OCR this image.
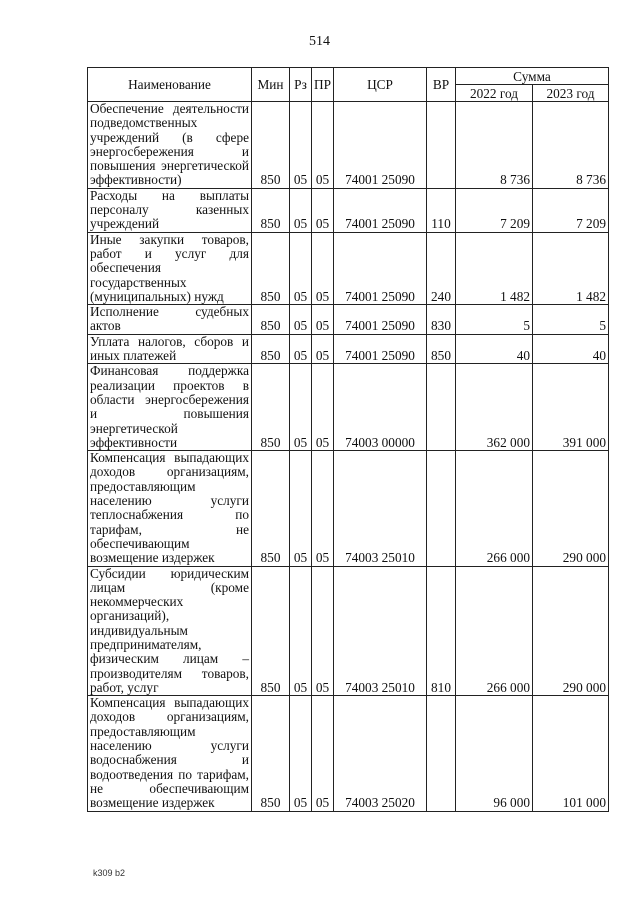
514
Наименование	Мин	Рз	ПР	ЦСР	ВР	Сумма	
						2022 год	2023 год
Обеспечение деятельности подведомственных учреждений (в сфере энергосбережения и повышения энергетической эффективности)	850	05	05	74001 25090		8 736	8 736
Расходы на выплаты персоналу казенных учреждений	850	05	05	74001 25090	110	7 209	7 209
Иные закупки товаров, работ и услуг для обеспечения государственных (муниципальных) нужд	850	05	05	74001 25090	240	1 482	1 482
Исполнение судебных актов	850	05	05	74001 25090	830	5	5
Уплата налогов, сборов и иных платежей	850	05	05	74001 25090	850	40	40
Финансовая поддержка реализации проектов в области энергосбережения и повышения энергетической эффективности	850	05	05	74003 00000		362 000	391 000
Компенсация выпадающих доходов организациям, предоставляющим населению услуги теплоснабжения по тарифам, не обеспечивающим возмещение издержек	850	05	05	74003 25010		266 000	290 000
Субсидии юридическим лицам (кроме некоммерческих организаций), индивидуальным предпринимателям, физическим лицам – производителям товаров, работ, услуг	850	05	05	74003 25010	810	266 000	290 000
Компенсация выпадающих доходов организациям, предоставляющим населению услуги водоснабжения и водоотведения по тарифам, не обеспечивающим возмещение издержек	850	05	05	74003 25020		96 000	101 000
k309 b2
